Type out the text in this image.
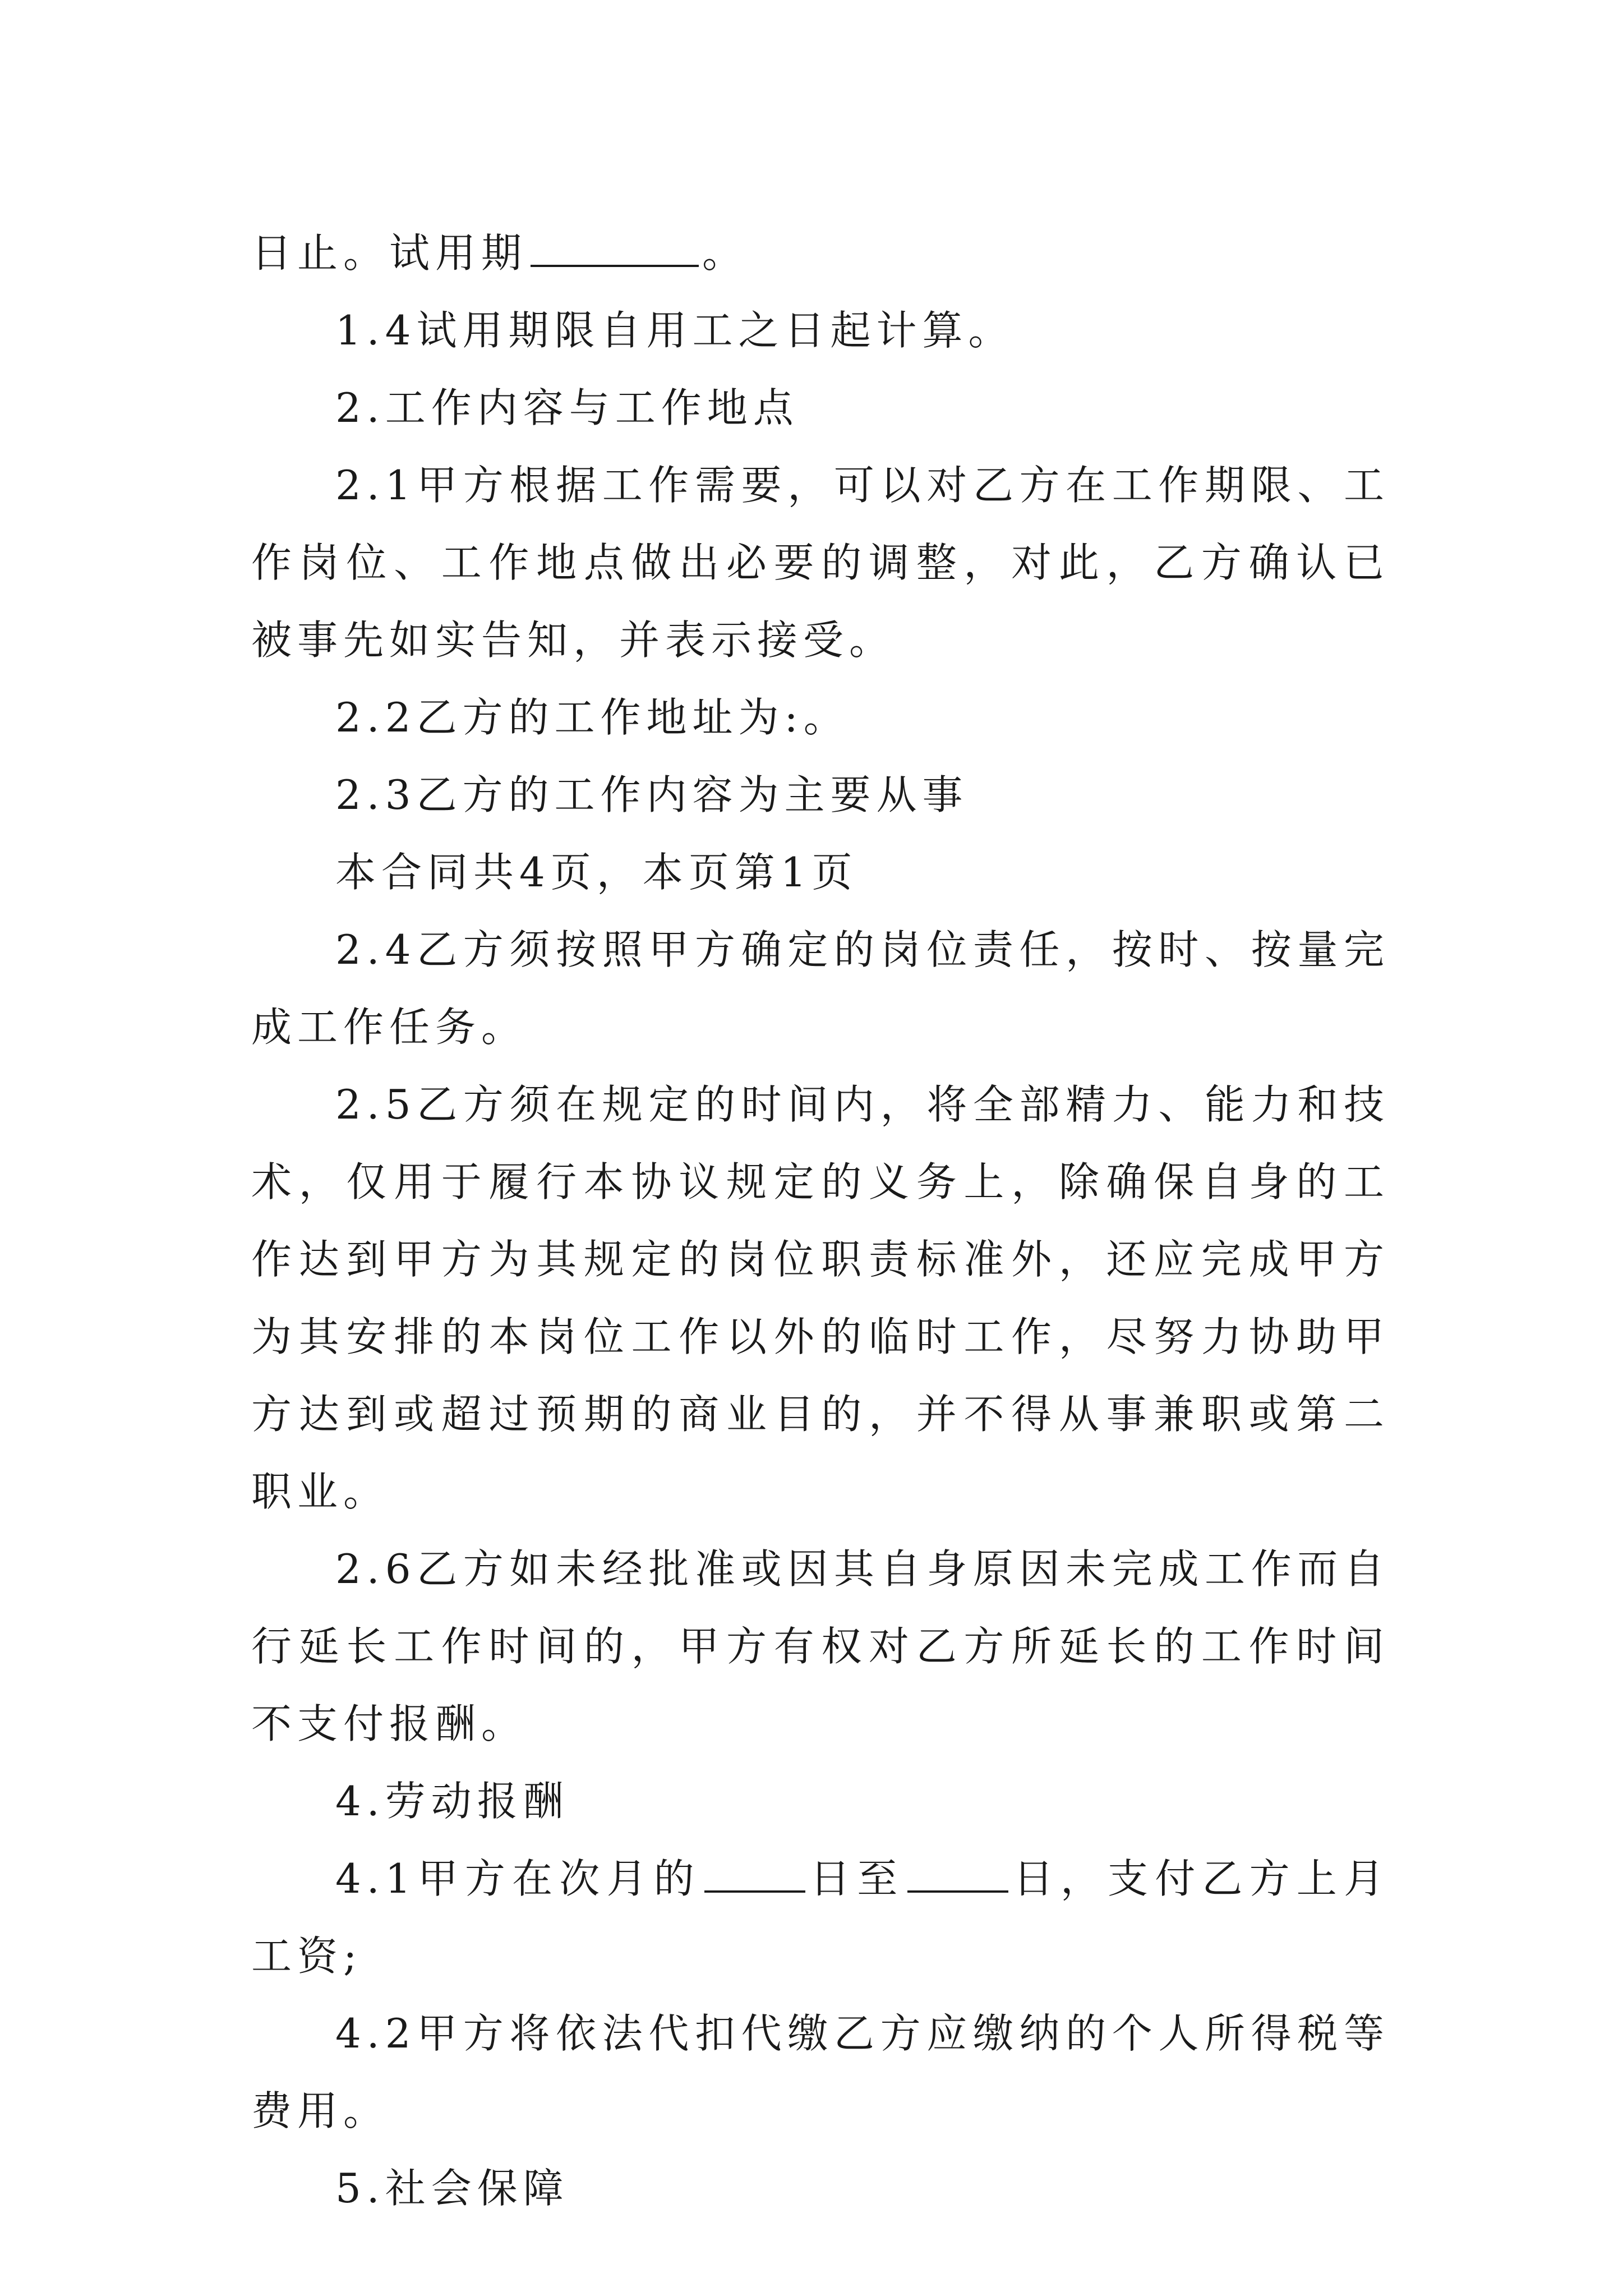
日止。试用期	。

1.4试用期限自用工之日起计算。

2.工作内容与工作地点

2.1甲方根据工作需要，可以对乙方在工作期限、工作岗位、工作地点做出必要的调整，对此，乙方确认已被事先如实告知，并表示接受。

2.2乙方的工作地址为:。

2.3乙方的工作内容为主要从事

本合同共4页，本页第1页

2.4乙方须按照甲方确定的岗位责任，按时、按量完成工作任务。

2.5乙方须在规定的时间内，将全部精力、能力和技术，仅用于履行本协议规定的义务上，除确保自身的工作达到甲方为其规定的岗位职责标准外，还应完成甲方为其安排的本岗位工作以外的临时工作，尽努力协助甲方达到或超过预期的商业目的，并不得从事兼职或第二职业。

2.6乙方如未经批准或因其自身原因未完成工作而自行延长工作时间的，甲方有权对乙方所延长的工作时间不支付报酬。

4.劳动报酬

4.1甲方在次月的	日至	日，支付乙方上月工资;

4.2甲方将依法代扣代缴乙方应缴纳的个人所得税等费用。

5.社会保障
